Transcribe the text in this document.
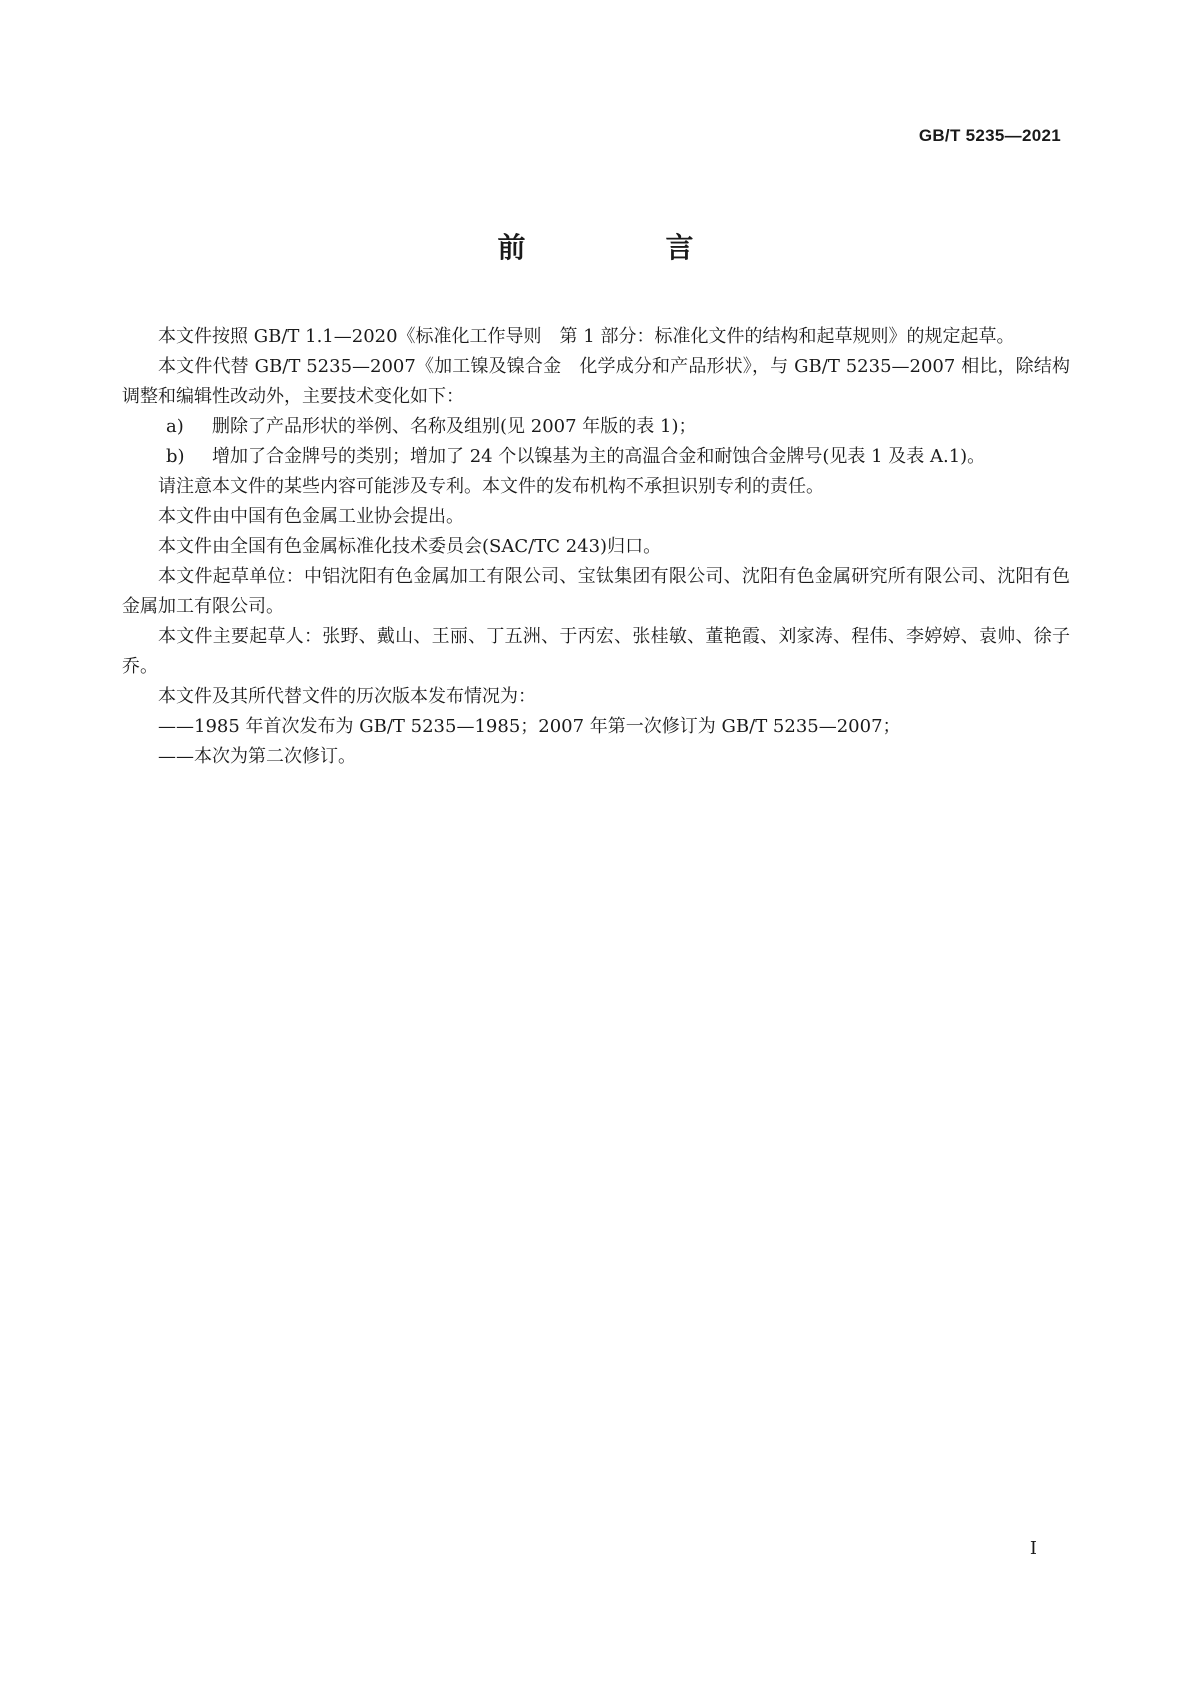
GB/T 5235—2021
前　言

本文件按照 GB/T 1.1—2020《标准化工作导则　第 1 部分：标准化文件的结构和起草规则》的规定起草。

本文件代替 GB/T 5235—2007《加工镍及镍合金　化学成分和产品形状》，与 GB/T 5235—2007 相比，除结构调整和编辑性改动外，主要技术变化如下：

a) 删除了产品形状的举例、名称及组别(见 2007 年版的表 1)；

b) 增加了合金牌号的类别；增加了 24 个以镍基为主的高温合金和耐蚀合金牌号(见表 1 及表 A.1)。

请注意本文件的某些内容可能涉及专利。本文件的发布机构不承担识别专利的责任。

本文件由中国有色金属工业协会提出。

本文件由全国有色金属标准化技术委员会(SAC/TC 243)归口。

本文件起草单位：中铝沈阳有色金属加工有限公司、宝钛集团有限公司、沈阳有色金属研究所有限公司、沈阳有色金属加工有限公司。

本文件主要起草人：张野、戴山、王丽、丁五洲、于丙宏、张桂敏、董艳霞、刘家涛、程伟、李婷婷、袁帅、徐子乔。

本文件及其所代替文件的历次版本发布情况为：

——1985 年首次发布为 GB/T 5235—1985；2007 年第一次修订为 GB/T 5235—2007；

——本次为第二次修订。

I
